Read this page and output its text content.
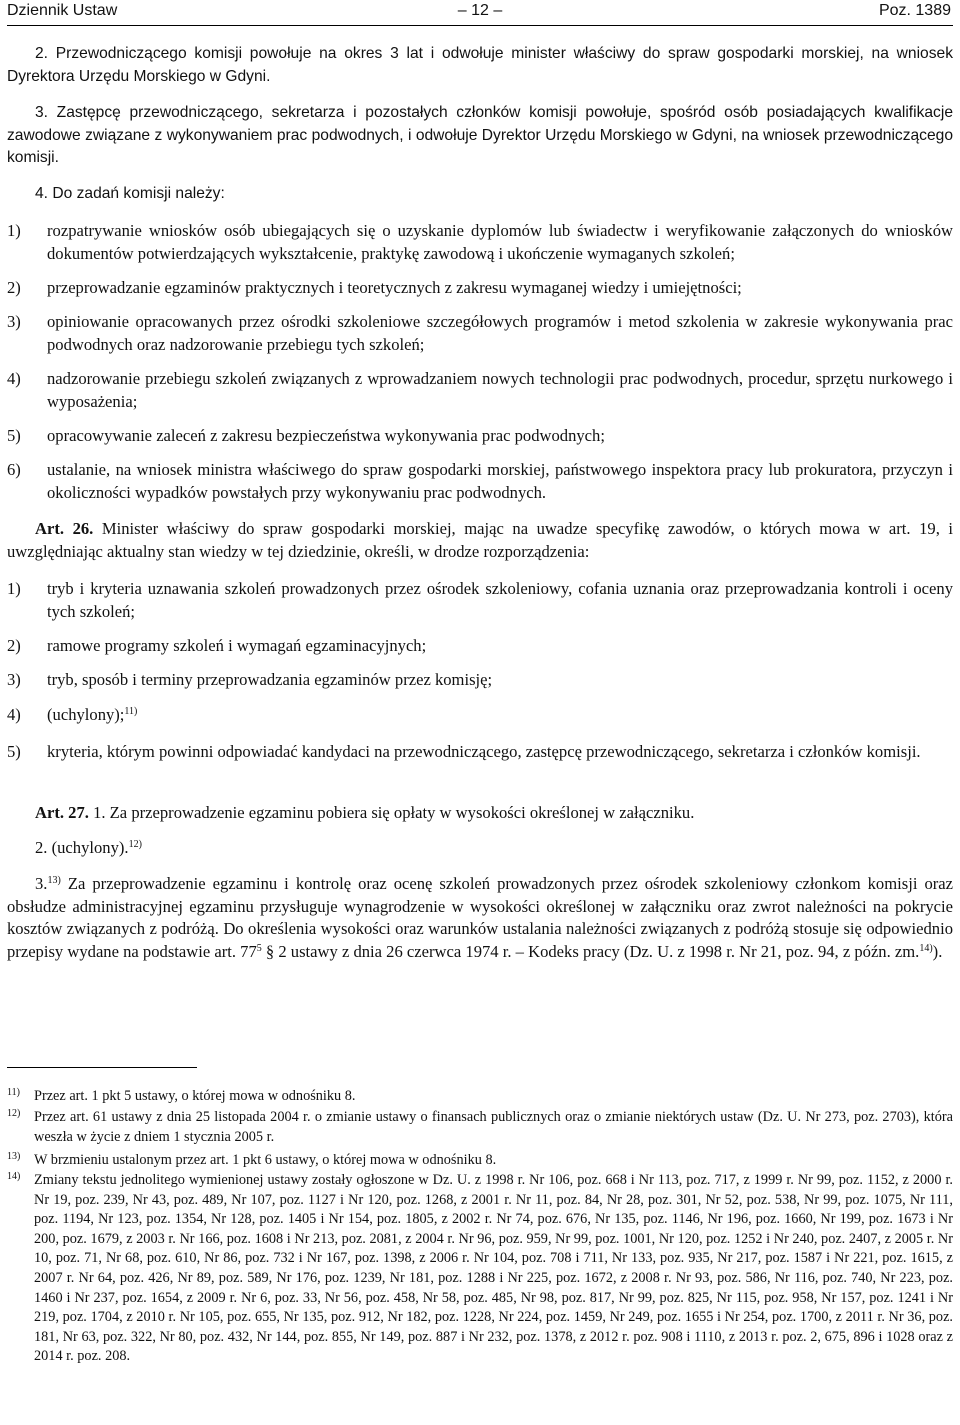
– 12 –
Dziennik Ustaw	Poz. 1389
2. Przewodniczącego komisji powołuje na okres 3 lat i odwołuje minister właściwy do spraw gospodarki morskiej, na wniosek Dyrektora Urzędu Morskiego w Gdyni.
3. Zastępcę przewodniczącego, sekretarza i pozostałych członków komisji powołuje, spośród osób posiadających kwalifikacje zawodowe związane z wykonywaniem prac podwodnych, i odwołuje Dyrektor Urzędu Morskiego w Gdyni, na wniosek przewodniczącego komisji.
4. Do zadań komisji należy:
1) rozpatrywanie wniosków osób ubiegających się o uzyskanie dyplomów lub świadectw i weryfikowanie załączonych do wniosków dokumentów potwierdzających wykształcenie, praktykę zawodową i ukończenie wymaganych szkoleń;
2) przeprowadzanie egzaminów praktycznych i teoretycznych z zakresu wymaganej wiedzy i umiejętności;
3) opiniowanie opracowanych przez ośrodki szkoleniowe szczegółowych programów i metod szkolenia w zakresie wykonywania prac podwodnych oraz nadzorowanie przebiegu tych szkoleń;
4) nadzorowanie przebiegu szkoleń związanych z wprowadzaniem nowych technologii prac podwodnych, procedur, sprzętu nurkowego i wyposażenia;
5) opracowywanie zaleceń z zakresu bezpieczeństwa wykonywania prac podwodnych;
6) ustalanie, na wniosek ministra właściwego do spraw gospodarki morskiej, państwowego inspektora pracy lub prokuratora, przyczyn i okoliczności wypadków powstałych przy wykonywaniu prac podwodnych.
Art. 26. Minister właściwy do spraw gospodarki morskiej, mając na uwadze specyfikę zawodów, o których mowa w art. 19, i uwzględniając aktualny stan wiedzy w tej dziedzinie, określi, w drodze rozporządzenia:
1) tryb i kryteria uznawania szkoleń prowadzonych przez ośrodek szkoleniowy, cofania uznania oraz przeprowadzania kontroli i oceny tych szkoleń;
2) ramowe programy szkoleń i wymagań egzaminacyjnych;
3) tryb, sposób i terminy przeprowadzania egzaminów przez komisję;
4) (uchylony);$^{11)}$
5) kryteria, którym powinni odpowiadać kandydaci na przewodniczącego, zastępcę przewodniczącego, sekretarza i członków komisji.
Art. 27. 1. Za przeprowadzenie egzaminu pobiera się opłaty w wysokości określonej w załączniku.
2. (uchylony).$^{12)}$
3.$^{13)}$ Za przeprowadzenie egzaminu i kontrolę oraz ocenę szkoleń prowadzonych przez ośrodek szkoleniowy członkom komisji oraz obsłudze administracyjnej egzaminu przysługuje wynagrodzenie w wysokości określonej w załączniku oraz zwrot należności na pokrycie kosztów związanych z podróżą. Do określenia wysokości oraz warunków ustalania należności związanych z podróżą stosuje się odpowiednio przepisy wydane na podstawie art. $77^5$ § 2 ustawy z dnia 26 czerwca 1974 r. – Kodeks pracy (Dz. U. z 1998 r. Nr 21, poz. 94, z późn. zm.$^{14)}$).
11) Przez art. 1 pkt 5 ustawy, o której mowa w odnośniku 8.
12) Przez art. 61 ustawy z dnia 25 listopada 2004 r. o zmianie ustawy o finansach publicznych oraz o zmianie niektórych ustaw (Dz. U. Nr 273, poz. 2703), która weszła w życie z dniem 1 stycznia 2005 r.
13) W brzmieniu ustalonym przez art. 1 pkt 6 ustawy, o której mowa w odnośniku 8.
14) Zmiany tekstu jednolitego wymienionej ustawy zostały ogłoszone w Dz. U. z 1998 r. Nr 106, poz. 668 i Nr 113, poz. 717, z 1999 r. Nr 99, poz. 1152, z 2000 r. Nr 19, poz. 239, Nr 43, poz. 489, Nr 107, poz. 1127 i Nr 120, poz. 1268, z 2001 r. Nr 11, poz. 84, Nr 28, poz. 301, Nr 52, poz. 538, Nr 99, poz. 1075, Nr 111, poz. 1194, Nr 123, poz. 1354, Nr 128, poz. 1405 i Nr 154, poz. 1805, z 2002 r. Nr 74, poz. 676, Nr 135, poz. 1146, Nr 196, poz. 1660, Nr 199, poz. 1673 i Nr 200, poz. 1679, z 2003 r. Nr 166, poz. 1608 i Nr 213, poz. 2081, z 2004 r. Nr 96, poz. 959, Nr 99, poz. 1001, Nr 120, poz. 1252 i Nr 240, poz. 2407, z 2005 r. Nr 10, poz. 71, Nr 68, poz. 610, Nr 86, poz. 732 i Nr 167, poz. 1398, z 2006 r. Nr 104, poz. 708 i 711, Nr 133, poz. 935, Nr 217, poz. 1587 i Nr 221, poz. 1615, z 2007 r. Nr 64, poz. 426, Nr 89, poz. 589, Nr 176, poz. 1239, Nr 181, poz. 1288 i Nr 225, poz. 1672, z 2008 r. Nr 93, poz. 586, Nr 116, poz. 740, Nr 223, poz. 1460 i Nr 237, poz. 1654, z 2009 r. Nr 6, poz. 33, Nr 56, poz. 458, Nr 58, poz. 485, Nr 98, poz. 817, Nr 99, poz. 825, Nr 115, poz. 958, Nr 157, poz. 1241 i Nr 219, poz. 1704, z 2010 r. Nr 105, poz. 655, Nr 135, poz. 912, Nr 182, poz. 1228, Nr 224, poz. 1459, Nr 249, poz. 1655 i Nr 254, poz. 1700, z 2011 r. Nr 36, poz. 181, Nr 63, poz. 322, Nr 80, poz. 432, Nr 144, poz. 855, Nr 149, poz. 887 i Nr 232, poz. 1378, z 2012 r. poz. 908 i 1110, z 2013 r. poz. 2, 675, 896 i 1028 oraz z 2014 r. poz. 208.
